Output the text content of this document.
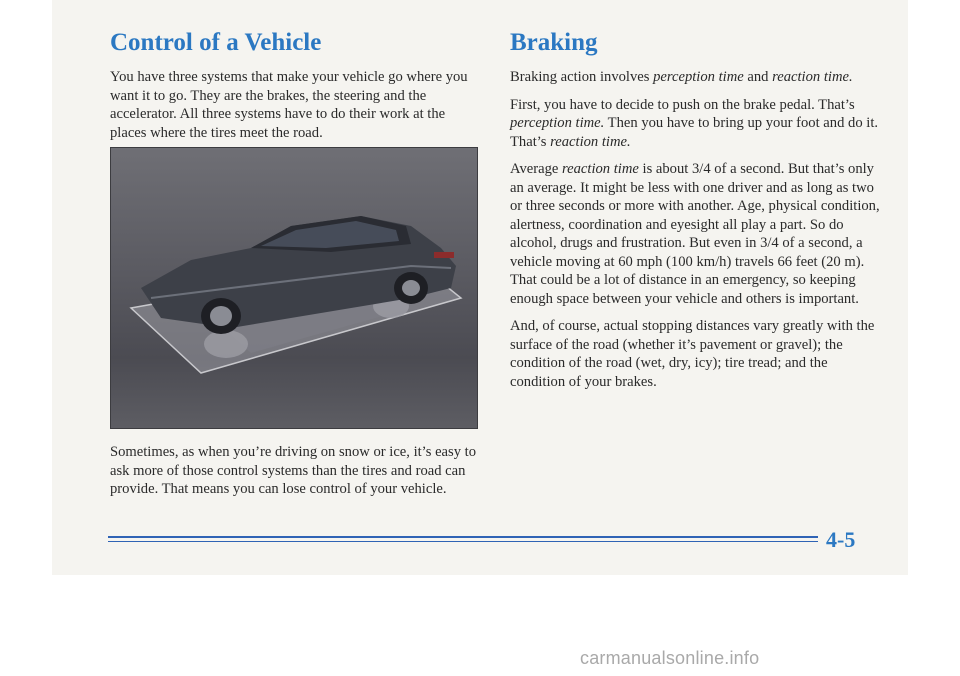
Control of a Vehicle

You have three systems that make your vehicle go where you want it to go. They are the brakes, the steering and the accelerator. All three systems have to do their work at the places where the tires meet the road.

Sometimes, as when you’re driving on snow or ice, it’s easy to ask more of those control systems than the tires and road can provide. That means you can lose control of your vehicle.

Braking

Braking action involves perception time and reaction time.

First, you have to decide to push on the brake pedal. That’s perception time. Then you have to bring up your foot and do it. That’s reaction time.

Average reaction time is about 3/4 of a second. But that’s only an average. It might be less with one driver and as long as two or three seconds or more with another. Age, physical condition, alertness, coordination and eyesight all play a part. So do alcohol, drugs and frustration. But even in 3/4 of a second, a vehicle moving at 60 mph (100 km/h) travels 66 feet (20 m). That could be a lot of distance in an emergency, so keeping enough space between your vehicle and others is important.

And, of course, actual stopping distances vary greatly with the surface of the road (whether it’s pavement or gravel); the condition of the road (wet, dry, icy); tire tread; and the condition of your brakes.

4-5
carmanualsonline.info
